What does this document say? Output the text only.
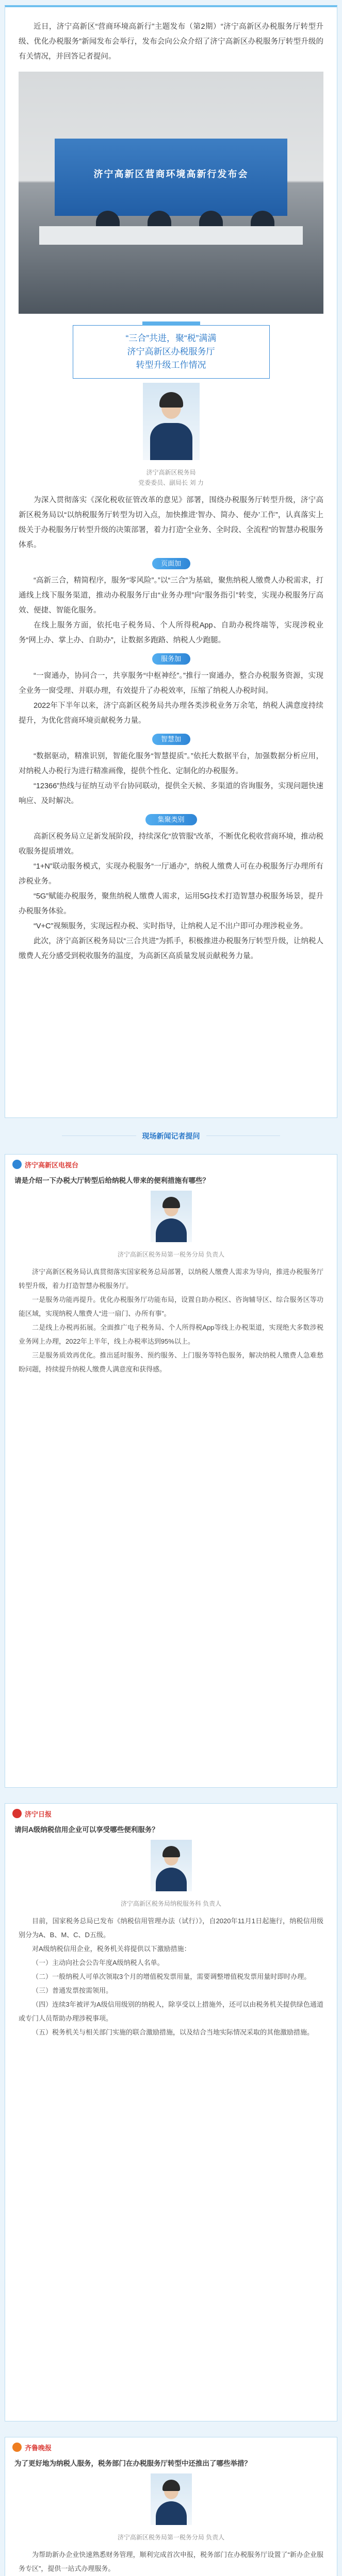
近日，济宁高新区“营商环境高新行”主题发布（第2期）“济宁高新区办税服务厅转型升级、优化办税服务”新闻发布会举行，发布会向公众介绍了济宁高新区办税服务厅转型升级的有关情况，并回答记者提问。

济宁高新区营商环境高新行发布会
“三合”共进，聚“税”满满
济宁高新区办税服务厅
转型升级工作情况
济宁高新区税务局
党委委员、副局长 刘 力

为深入贯彻落实《深化税收征管改革的意见》部署，围绕办税服务厅转型升级，济宁高新区税务局以“以纳税服务厅转型为切入点，加快推进‘智办、简办、便办’工作”，认真落实上级关于办税服务厅转型升级的决策部署，着力打造“全业务、全时段、全流程”的智慧办税服务体系。

页面加

“高新三合，精简程序，服务“零风险”。”以“三合”为基础，聚焦纳税人缴费人办税需求，打通线上线下服务渠道，推动办税服务厅由“业务办理”向“服务指引”转变，实现办税服务厅高效、便捷、智能化服务。

在线上服务方面，依托电子税务局、个人所得税App、自助办税终端等，实现涉税业务“网上办、掌上办、自助办”，让数据多跑路、纳税人少跑腿。

服务加

“一窗通办，协同合一，共享服务“中枢神经”。”推行一窗通办，整合办税服务资源，实现全业务一窗受理、并联办理，有效提升了办税效率，压缩了纳税人办税时间。

2022年下半年以来，济宁高新区税务局共办理各类涉税业务万余笔，纳税人满意度持续提升，为优化营商环境贡献税务力量。

智慧加

“数据驱动，精准识别，智能化服务“智慧提质”。”依托大数据平台，加强数据分析应用，对纳税人办税行为进行精准画像，提供个性化、定制化的办税服务。

“12366”热线与征纳互动平台协同联动，提供全天候、多渠道的咨询服务，实现问题快速响应、及时解决。

集聚类别

高新区税务局立足新发展阶段，持续深化“放管服”改革，不断优化税收营商环境，推动税收服务提质增效。

“1+N”联动服务模式，实现办税服务“一厅通办”，纳税人缴费人可在办税服务厅办理所有涉税业务。

“5G”赋能办税服务，聚焦纳税人缴费人需求，运用5G技术打造智慧办税服务场景，提升办税服务体验。

“V+C”视频服务，实现远程办税、实时指导，让纳税人足不出户即可办理涉税业务。

此次，济宁高新区税务局以“三合共进”为抓手，积极推进办税服务厅转型升级，让纳税人缴费人充分感受到税收服务的温度，为高新区高质量发展贡献税务力量。

现场新闻记者提问
济宁高新区电视台
请是介绍一下办税大厅转型后给纳税人带来的便利措施有哪些？
济宁高新区税务局第一税务分局 负责人

济宁高新区税务局认真贯彻落实国家税务总局部署，以纳税人缴费人需求为导向，推进办税服务厅转型升级，着力打造智慧办税服务厅。

一是服务功能再提升。优化办税服务厅功能布局，设置自助办税区、咨询辅导区、综合服务区等功能区域，实现纳税人缴费人“进一扇门、办所有事”。

二是线上办税再拓展。全面推广电子税务局、个人所得税App等线上办税渠道，实现绝大多数涉税业务网上办理，2022年上半年，线上办税率达到95%以上。

三是服务质效再优化。推出延时服务、预约服务、上门服务等特色服务，解决纳税人缴费人急难愁盼问题，持续提升纳税人缴费人满意度和获得感。

济宁日报
请问A级纳税信用企业可以享受哪些便利服务？
济宁高新区税务局纳税服务科 负责人

目前，国家税务总局已发布《纳税信用管理办法（试行）》，自2020年11月1日起施行，纳税信用级别分为A、B、M、C、D五级。

对A级纳税信用企业，税务机关将提供以下激励措施：

（一）主动向社会公告年度A级纳税人名单。

（二）一般纳税人可单次领取3个月的增值税发票用量，需要调整增值税发票用量时即时办理。

（三）普通发票按需领用。

（四）连续3年被评为A级信用级别的纳税人，除享受以上措施外，还可以由税务机关提供绿色通道或专门人员帮助办理涉税事项。

（五）税务机关与相关部门实施的联合激励措施，以及结合当地实际情况采取的其他激励措施。

齐鲁晚报
为了更好地为纳税人服务，税务部门在办税服务厅转型中还推出了哪些举措？
济宁高新区税务局第一税务分局 负责人

为帮助新办企业快速熟悉财务管理，顺利完成首次申报，税务部门在办税服务厅设置了“新办企业服务专区”，提供一站式办理服务。
